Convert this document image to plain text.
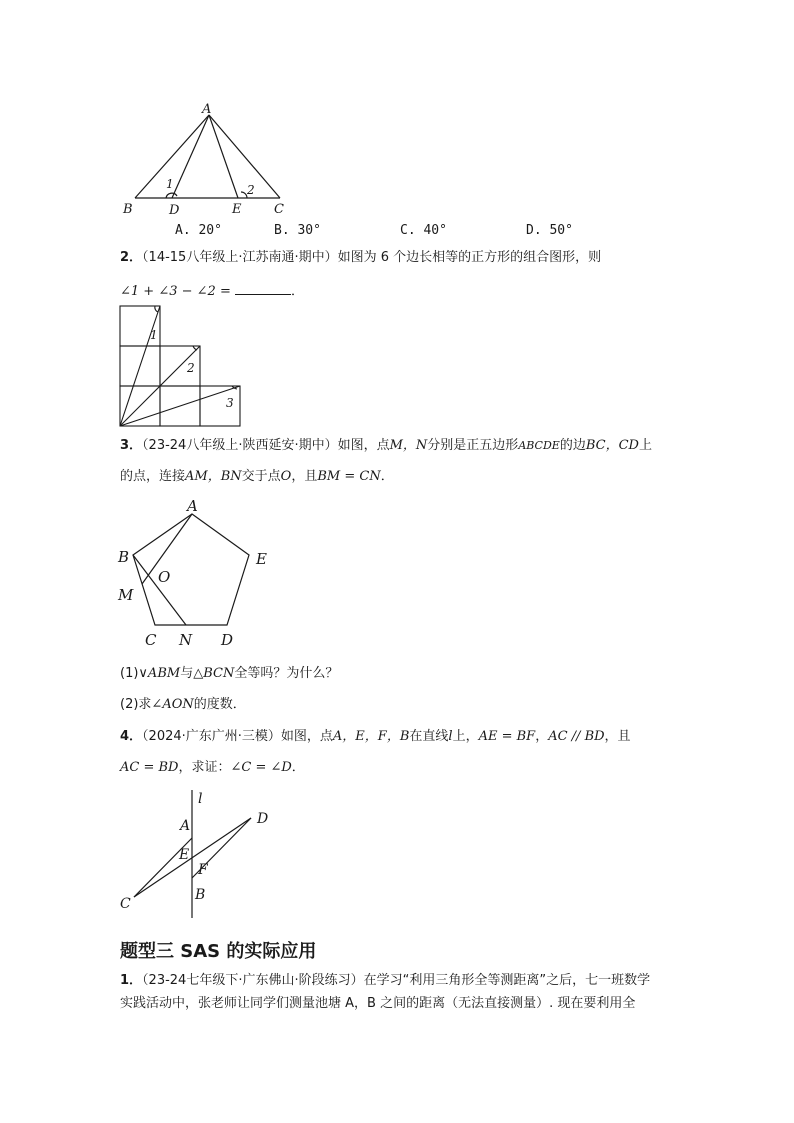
A
B	D	E	C
1	2
A. 20°	B. 30°	C. 40°	D. 50°
2．（14-15八年级上·江苏南通·期中）如图为 6 个边长相等的正方形的组合图形，则
∠1 + ∠3 − ∠2 =	．
1
2
3
3．（23-24八年级上·陕西延安·期中）如图，点M，N分别是正五边形ABCDE的边BC，CD上
的点，连接AM，BN交于点O，且BM = CN．
A
B	E
O
M
C N D
(1)∨ABM与△BCN全等吗？为什么？
(2)求∠AON的度数．
4．（2024·广东广州·三模）如图，点A，E，F，B在直线l上，AE = BF，AC // BD，且
AC = BD，求证：∠C = ∠D．
l
A	D
E
F
C
B
题型三 SAS 的实际应用
1．（23-24七年级下·广东佛山·阶段练习）在学习“利用三角形全等测距离”之后，七一班数学
实践活动中，张老师让同学们测量池塘 A，B 之间的距离（无法直接测量）. 现在要利用全
